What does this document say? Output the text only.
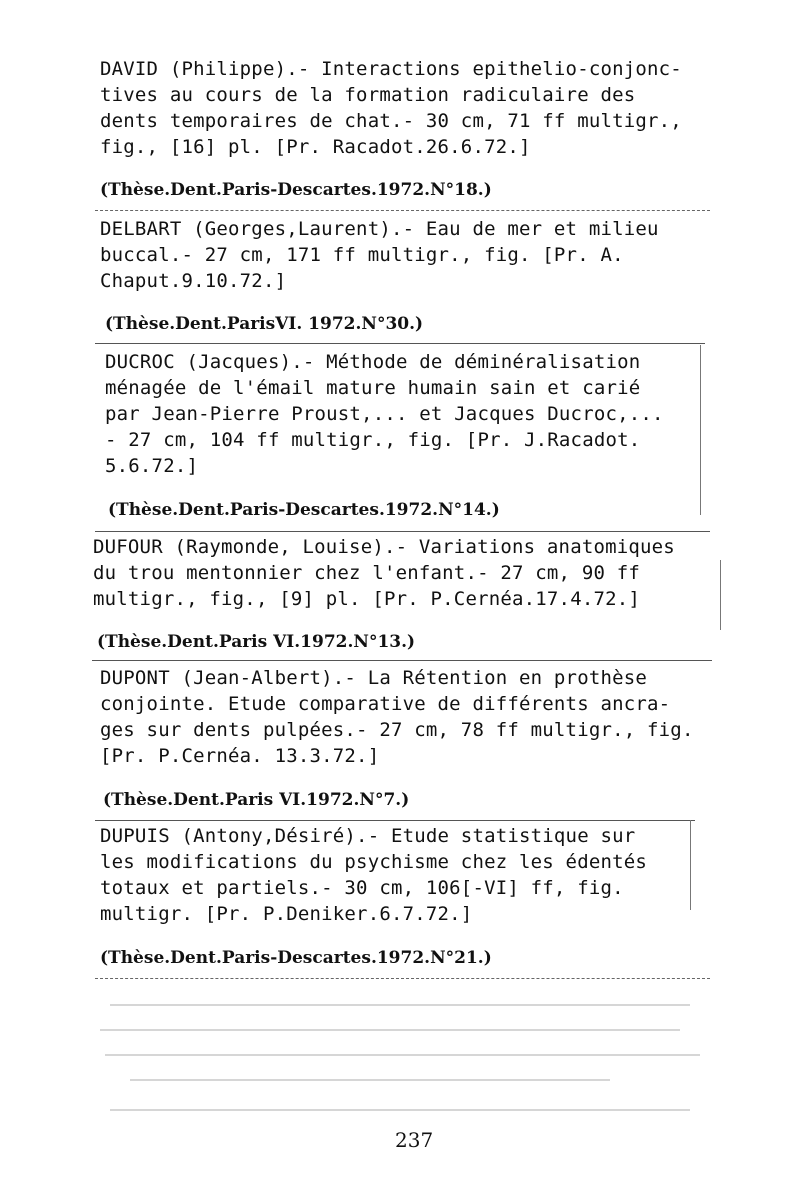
DAVID (Philippe).- Interactions epithelio-conjonc-
tives au cours de la formation radiculaire des
dents temporaires de chat.- 30 cm, 71 ff multigr.,
fig., [16] pl. [Pr. Racadot.26.6.72.]
(Thèse.Dent.Paris-Descartes.1972.N°18.)
DELBART (Georges,Laurent).- Eau de mer et milieu
buccal.- 27 cm, 171 ff multigr., fig. [Pr. A.
Chaput.9.10.72.]
(Thèse.Dent.ParisVI. 1972.N°30.)
DUCROC (Jacques).- Méthode de déminéralisation
ménagée de l'émail mature humain sain et carié
par Jean-Pierre Proust,... et Jacques Ducroc,...
- 27 cm, 104 ff multigr., fig. [Pr. J.Racadot.
5.6.72.]
(Thèse.Dent.Paris-Descartes.1972.N°14.)
DUFOUR (Raymonde, Louise).- Variations anatomiques
du trou mentonnier chez l'enfant.- 27 cm, 90 ff
multigr., fig., [9] pl. [Pr. P.Cernéa.17.4.72.]
(Thèse.Dent.Paris VI.1972.N°13.)
DUPONT (Jean-Albert).- La Rétention en prothèse
conjointe. Etude comparative de différents ancra-
ges sur dents pulpées.- 27 cm, 78 ff multigr., fig.
[Pr. P.Cernéa. 13.3.72.]
(Thèse.Dent.Paris VI.1972.N°7.)
DUPUIS (Antony,Désiré).- Etude statistique sur
les modifications du psychisme chez les édentés
totaux et partiels.- 30 cm, 106[-VI] ff, fig.
multigr. [Pr. P.Deniker.6.7.72.]
(Thèse.Dent.Paris-Descartes.1972.N°21.)
237
